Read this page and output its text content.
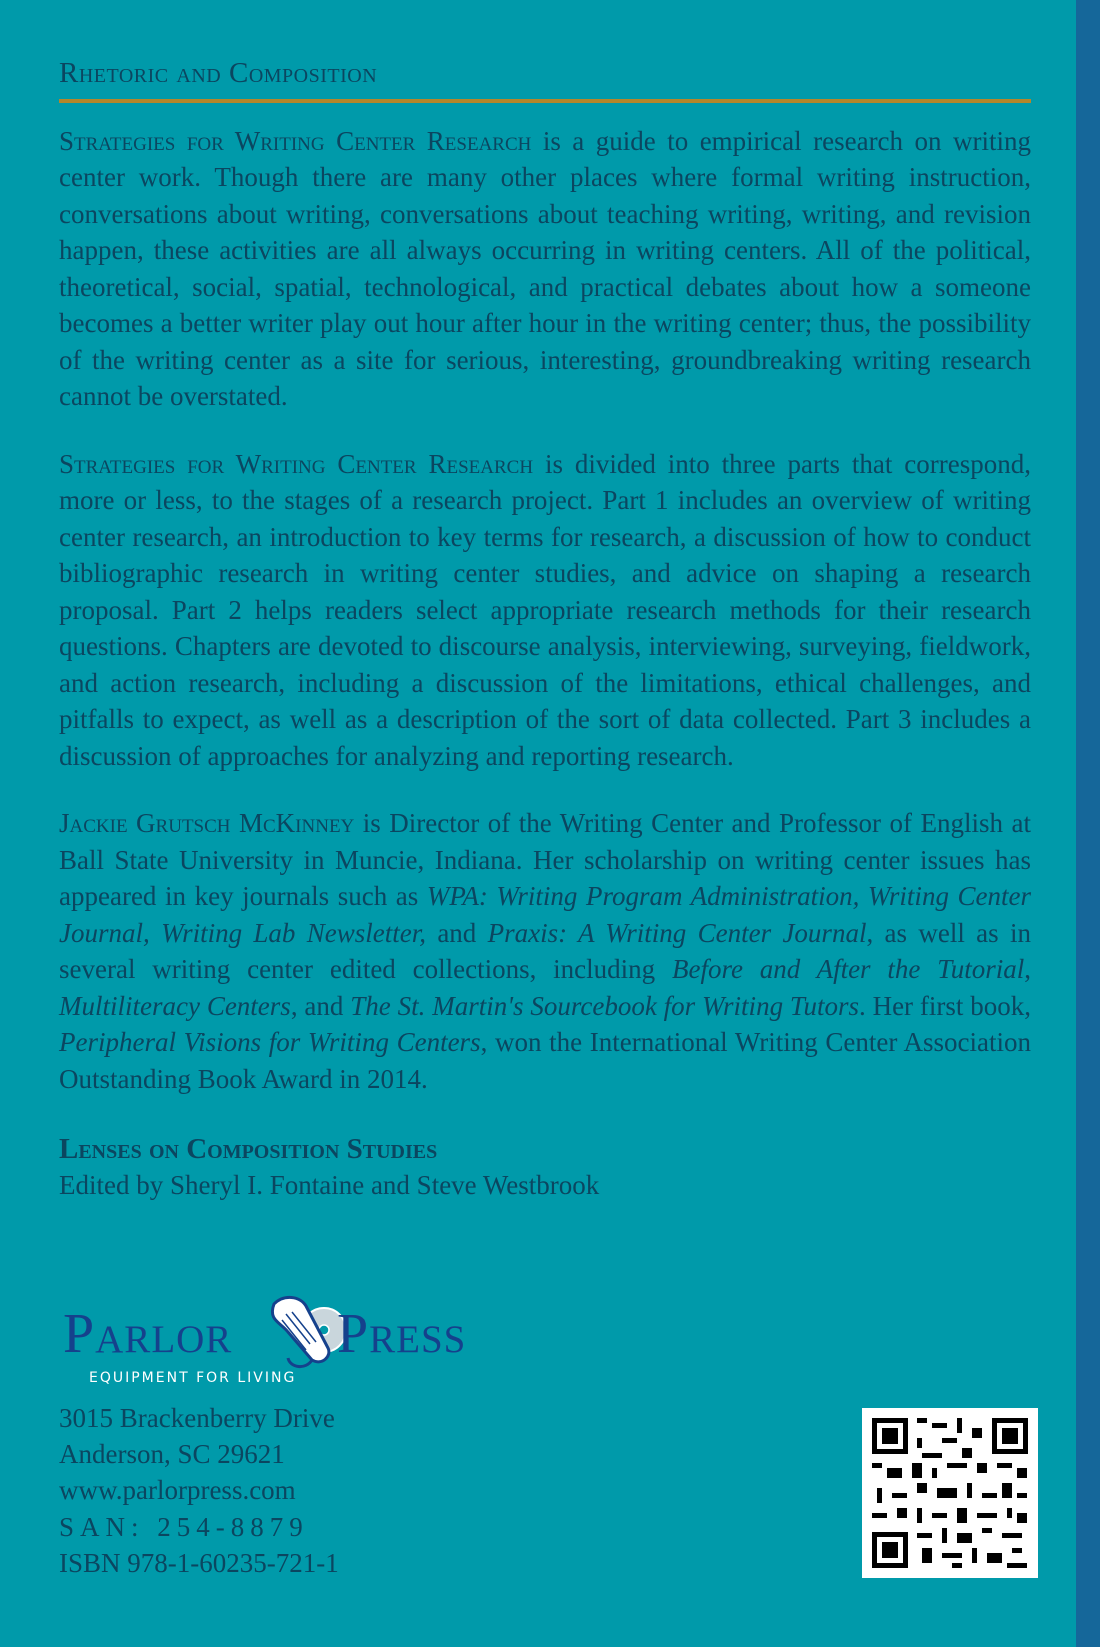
Rhetoric and Composition

Strategies for Writing Center Research is a guide to empirical research on writing center work. Though there are many other places where formal writing instruction, conversations about writing, conversations about teaching writing, writing, and revision happen, these activities are all always occurring in writing centers. All of the political, theoretical, social, spatial, technological, and practical debates about how a someone becomes a better writer play out hour after hour in the writing center; thus, the possibility of the writing center as a site for serious, interesting, groundbreaking writing research cannot be overstated.

Strategies for Writing Center Research is divided into three parts that correspond, more or less, to the stages of a research project. Part 1 includes an overview of writing center research, an introduction to key terms for research, a discussion of how to conduct bibliographic research in writing center studies, and advice on shaping a research proposal. Part 2 helps readers select appropriate research methods for their research questions. Chapters are devoted to discourse analysis, interviewing, surveying, fieldwork, and action research, including a discussion of the limitations, ethical challenges, and pitfalls to expect, as well as a description of the sort of data collected. Part 3 includes a discussion of approaches for analyzing and reporting research.

Jackie Grutsch McKinney is Director of the Writing Center and Professor of English at Ball State University in Muncie, Indiana. Her scholarship on writing center issues has appeared in key journals such as WPA: Writing Program Administration, Writing Center Journal, Writing Lab Newsletter, and Praxis: A Writing Center Journal, as well as in several writing center edited collections, including Before and After the Tutorial, Multiliteracy Centers, and The St. Martin's Sourcebook for Writing Tutors. Her first book, Peripheral Visions for Writing Centers, won the International Writing Center Association Outstanding Book Award in 2014.

Lenses on Composition Studies
Edited by Sheryl I. Fontaine and Steve Westbrook
Parlor Press
EQUIPMENT FOR LIVING
3015 Brackenberry Drive
Anderson, SC 29621
www.parlorpress.com
SAN: 254-8879
ISBN 978-1-60235-721-1
